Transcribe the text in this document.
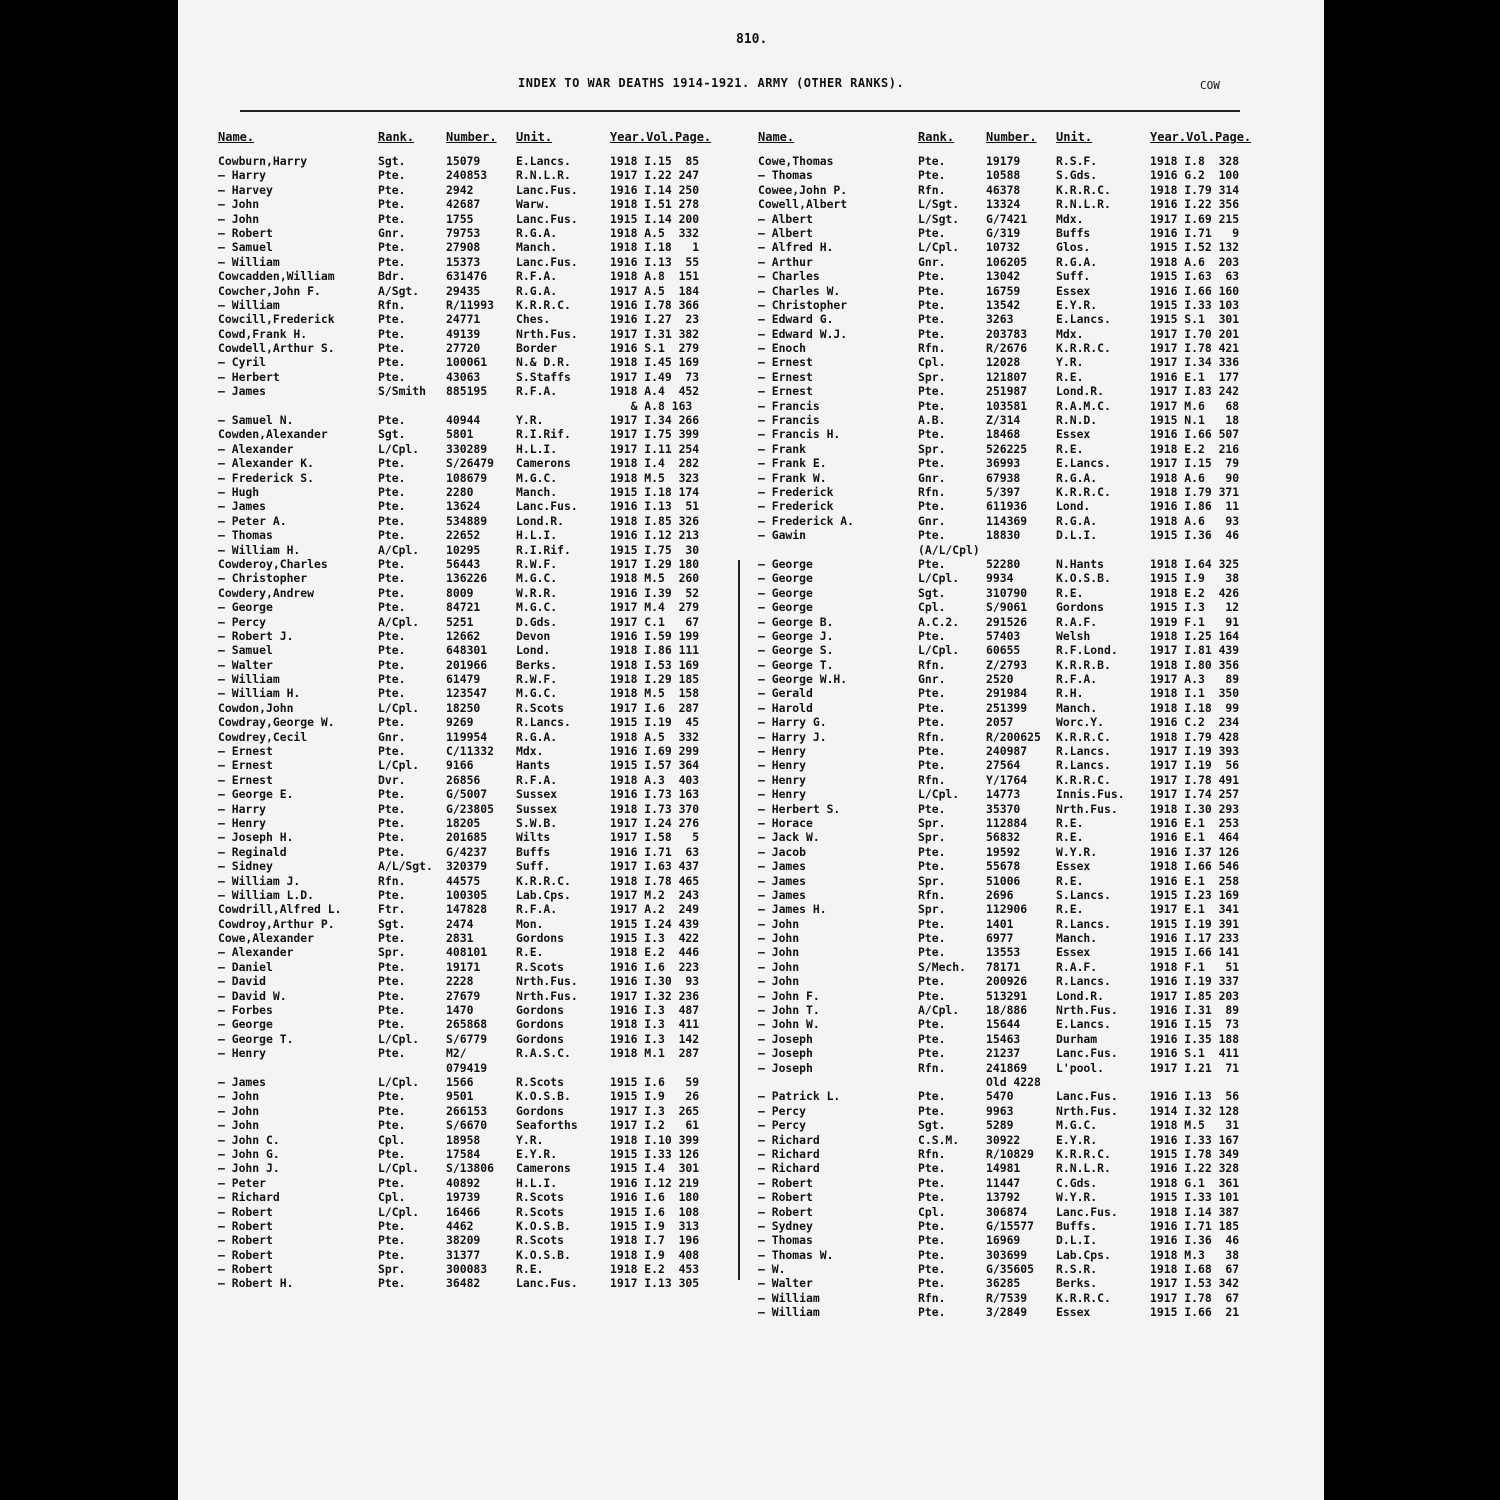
810.
INDEX TO WAR DEATHS 1914-1921. ARMY (OTHER RANKS).	COW
Name.	Rank.	Number.	Unit.	Year.Vol.Page.
Cowburn,Harry	Sgt.	15079	E.Lancs.	1918 I.15  85
— Harry	Pte.	240853	R.N.L.R.	1917 I.22 247
— Harvey	Pte.	2942	Lanc.Fus.	1916 I.14 250
— John	Pte.	42687	Warw.	1918 I.51 278
— John	Pte.	1755	Lanc.Fus.	1915 I.14 200
— Robert	Gnr.	79753	R.G.A.	1918 A.5  332
— Samuel	Pte.	27908	Manch.	1918 I.18   1
— William	Pte.	15373	Lanc.Fus.	1916 I.13  55
Cowcadden,William	Bdr.	631476	R.F.A.	1918 A.8  151
Cowcher,John F.	A/Sgt.	29435	R.G.A.	1917 A.5  184
— William	Rfn.	R/11993	K.R.R.C.	1916 I.78 366
Cowcill,Frederick	Pte.	24771	Ches.	1916 I.27  23
Cowd,Frank H.	Pte.	49139	Nrth.Fus.	1917 I.31 382
Cowdell,Arthur S.	Pte.	27720	Border	1916 S.1  279
— Cyril	Pte.	100061	N.& D.R.	1918 I.45 169
— Herbert	Pte.	43063	S.Staffs	1917 I.49  73
— James	S/Smith	885195	R.F.A.	1918 A.4  452
& A.8 163
— Samuel N.	Pte.	40944	Y.R.	1917 I.34 266
Cowden,Alexander	Sgt.	5801	R.I.Rif.	1917 I.75 399
— Alexander	L/Cpl.	330289	H.L.I.	1917 I.11 254
— Alexander K.	Pte.	S/26479	Camerons	1918 I.4  282
— Frederick S.	Pte.	108679	M.G.C.	1918 M.5  323
— Hugh	Pte.	2280	Manch.	1915 I.18 174
— James	Pte.	13624	Lanc.Fus.	1916 I.13  51
— Peter A.	Pte.	534889	Lond.R.	1918 I.85 326
— Thomas	Pte.	22652	H.L.I.	1916 I.12 213
— William H.	A/Cpl.	10295	R.I.Rif.	1915 I.75  30
Cowderoy,Charles	Pte.	56443	R.W.F.	1917 I.29 180
— Christopher	Pte.	136226	M.G.C.	1918 M.5  260
Cowdery,Andrew	Pte.	8009	W.R.R.	1916 I.39  52
— George	Pte.	84721	M.G.C.	1917 M.4  279
— Percy	A/Cpl.	5251	D.Gds.	1917 C.1   67
— Robert J.	Pte.	12662	Devon	1916 I.59 199
— Samuel	Pte.	648301	Lond.	1918 I.86 111
— Walter	Pte.	201966	Berks.	1918 I.53 169
— William	Pte.	61479	R.W.F.	1918 I.29 185
— William H.	Pte.	123547	M.G.C.	1918 M.5  158
Cowdon,John	L/Cpl.	18250	R.Scots	1917 I.6  287
Cowdray,George W.	Pte.	9269	R.Lancs.	1915 I.19  45
Cowdrey,Cecil	Gnr.	119954	R.G.A.	1918 A.5  332
— Ernest	Pte.	C/11332	Mdx.	1916 I.69 299
— Ernest	L/Cpl.	9166	Hants	1915 I.57 364
— Ernest	Dvr.	26856	R.F.A.	1918 A.3  403
— George E.	Pte.	G/5007	Sussex	1916 I.73 163
— Harry	Pte.	G/23805	Sussex	1918 I.73 370
— Henry	Pte.	18205	S.W.B.	1917 I.24 276
— Joseph H.	Pte.	201685	Wilts	1917 I.58   5
— Reginald	Pte.	G/4237	Buffs	1916 I.71  63
— Sidney	A/L/Sgt.	320379	Suff.	1917 I.63 437
— William J.	Rfn.	44575	K.R.R.C.	1918 I.78 465
— William L.D.	Pte.	100305	Lab.Cps.	1917 M.2  243
Cowdrill,Alfred L.	Ftr.	147828	R.F.A.	1917 A.2  249
Cowdroy,Arthur P.	Sgt.	2474	Mon.	1915 I.24 439
Cowe,Alexander	Pte.	2831	Gordons	1915 I.3  422
— Alexander	Spr.	408101	R.E.	1918 E.2  446
— Daniel	Pte.	19171	R.Scots	1916 I.6  223
— David	Pte.	2228	Nrth.Fus.	1916 I.30  93
— David W.	Pte.	27679	Nrth.Fus.	1917 I.32 236
— Forbes	Pte.	1470	Gordons	1916 I.3  487
— George	Pte.	265868	Gordons	1918 I.3  411
— George T.	L/Cpl.	S/6779	Gordons	1916 I.3  142
— Henry	Pte.	M2/	R.A.S.C.	1918 M.1  287
079419
— James	L/Cpl.	1566	R.Scots	1915 I.6   59
— John	Pte.	9501	K.O.S.B.	1915 I.9   26
— John	Pte.	266153	Gordons	1917 I.3  265
— John	Pte.	S/6670	Seaforths	1917 I.2   61
— John C.	Cpl.	18958	Y.R.	1918 I.10 399
— John G.	Pte.	17584	E.Y.R.	1915 I.33 126
— John J.	L/Cpl.	S/13806	Camerons	1915 I.4  301
— Peter	Pte.	40892	H.L.I.	1916 I.12 219
— Richard	Cpl.	19739	R.Scots	1916 I.6  180
— Robert	L/Cpl.	16466	R.Scots	1915 I.6  108
— Robert	Pte.	4462	K.O.S.B.	1915 I.9  313
— Robert	Pte.	38209	R.Scots	1918 I.7  196
— Robert	Pte.	31377	K.O.S.B.	1918 I.9  408
— Robert	Spr.	300083	R.E.	1918 E.2  453
— Robert H.	Pte.	36482	Lanc.Fus.	1917 I.13 305
Name.	Rank.	Number.	Unit.	Year.Vol.Page.
Cowe,Thomas	Pte.	19179	R.S.F.	1918 I.8  328
— Thomas	Pte.	10588	S.Gds.	1916 G.2  100
Cowee,John P.	Rfn.	46378	K.R.R.C.	1918 I.79 314
Cowell,Albert	L/Sgt.	13324	R.N.L.R.	1916 I.22 356
— Albert	L/Sgt.	G/7421	Mdx.	1917 I.69 215
— Albert	Pte.	G/319	Buffs	1916 I.71   9
— Alfred H.	L/Cpl.	10732	Glos.	1915 I.52 132
— Arthur	Gnr.	106205	R.G.A.	1918 A.6  203
— Charles	Pte.	13042	Suff.	1915 I.63  63
— Charles W.	Pte.	16759	Essex	1916 I.66 160
— Christopher	Pte.	13542	E.Y.R.	1915 I.33 103
— Edward G.	Pte.	3263	E.Lancs.	1915 S.1  301
— Edward W.J.	Pte.	203783	Mdx.	1917 I.70 201
— Enoch	Rfn.	R/2676	K.R.R.C.	1917 I.78 421
— Ernest	Cpl.	12028	Y.R.	1917 I.34 336
— Ernest	Spr.	121807	R.E.	1916 E.1  177
— Ernest	Pte.	251987	Lond.R.	1917 I.83 242
— Francis	Pte.	103581	R.A.M.C.	1917 M.6   68
— Francis	A.B.	Z/314	R.N.D.	1915 N.1   18
— Francis H.	Pte.	18468	Essex	1916 I.66 507
— Frank	Spr.	526225	R.E.	1918 E.2  216
— Frank E.	Pte.	36993	E.Lancs.	1917 I.15  79
— Frank W.	Gnr.	67938	R.G.A.	1918 A.6   90
— Frederick	Rfn.	5/397	K.R.R.C.	1918 I.79 371
— Frederick	Pte.	611936	Lond.	1916 I.86  11
— Frederick A.	Gnr.	114369	R.G.A.	1918 A.6   93
— Gawin	Pte.	18830	D.L.I.	1915 I.36  46
(A/L/Cpl)
— George	Pte.	52280	N.Hants	1918 I.64 325
— George	L/Cpl.	9934	K.O.S.B.	1915 I.9   38
— George	Sgt.	310790	R.E.	1918 E.2  426
— George	Cpl.	S/9061	Gordons	1915 I.3   12
— George B.	A.C.2.	291526	R.A.F.	1919 F.1   91
— George J.	Pte.	57403	Welsh	1918 I.25 164
— George S.	L/Cpl.	60655	R.F.Lond.	1917 I.81 439
— George T.	Rfn.	Z/2793	K.R.R.B.	1918 I.80 356
— George W.H.	Gnr.	2520	R.F.A.	1917 A.3   89
— Gerald	Pte.	291984	R.H.	1918 I.1  350
— Harold	Pte.	251399	Manch.	1918 I.18  99
— Harry G.	Pte.	2057	Worc.Y.	1916 C.2  234
— Harry J.	Rfn.	R/200625	K.R.R.C.	1918 I.79 428
— Henry	Pte.	240987	R.Lancs.	1917 I.19 393
— Henry	Pte.	27564	R.Lancs.	1917 I.19  56
— Henry	Rfn.	Y/1764	K.R.R.C.	1917 I.78 491
— Henry	L/Cpl.	14773	Innis.Fus.	1917 I.74 257
— Herbert S.	Pte.	35370	Nrth.Fus.	1918 I.30 293
— Horace	Spr.	112884	R.E.	1916 E.1  253
— Jack W.	Spr.	56832	R.E.	1916 E.1  464
— Jacob	Pte.	19592	W.Y.R.	1916 I.37 126
— James	Pte.	55678	Essex	1918 I.66 546
— James	Spr.	51006	R.E.	1916 E.1  258
— James	Rfn.	2696	S.Lancs.	1915 I.23 169
— James H.	Spr.	112906	R.E.	1917 E.1  341
— John	Pte.	1401	R.Lancs.	1915 I.19 391
— John	Pte.	6977	Manch.	1916 I.17 233
— John	Pte.	13553	Essex	1915 I.66 141
— John	S/Mech.	78171	R.A.F.	1918 F.1   51
— John	Pte.	200926	R.Lancs.	1916 I.19 337
— John F.	Pte.	513291	Lond.R.	1917 I.85 203
— John T.	A/Cpl.	18/886	Nrth.Fus.	1916 I.31  89
— John W.	Pte.	15644	E.Lancs.	1916 I.15  73
— Joseph	Pte.	15463	Durham	1916 I.35 188
— Joseph	Pte.	21237	Lanc.Fus.	1916 S.1  411
— Joseph	Rfn.	241869	L'pool.	1917 I.21  71
Old 4228
— Patrick L.	Pte.	5470	Lanc.Fus.	1916 I.13  56
— Percy	Pte.	9963	Nrth.Fus.	1914 I.32 128
— Percy	Sgt.	5289	M.G.C.	1918 M.5   31
— Richard	C.S.M.	30922	E.Y.R.	1916 I.33 167
— Richard	Rfn.	R/10829	K.R.R.C.	1915 I.78 349
— Richard	Pte.	14981	R.N.L.R.	1916 I.22 328
— Robert	Pte.	11447	C.Gds.	1918 G.1  361
— Robert	Pte.	13792	W.Y.R.	1915 I.33 101
— Robert	Cpl.	306874	Lanc.Fus.	1918 I.14 387
— Sydney	Pte.	G/15577	Buffs.	1916 I.71 185
— Thomas	Pte.	16969	D.L.I.	1916 I.36  46
— Thomas W.	Pte.	303699	Lab.Cps.	1918 M.3   38
— W.	Pte.	G/35605	R.S.R.	1918 I.68  67
— Walter	Pte.	36285	Berks.	1917 I.53 342
— William	Rfn.	R/7539	K.R.R.C.	1917 I.78  67
— William	Pte.	3/2849	Essex	1915 I.66  21
